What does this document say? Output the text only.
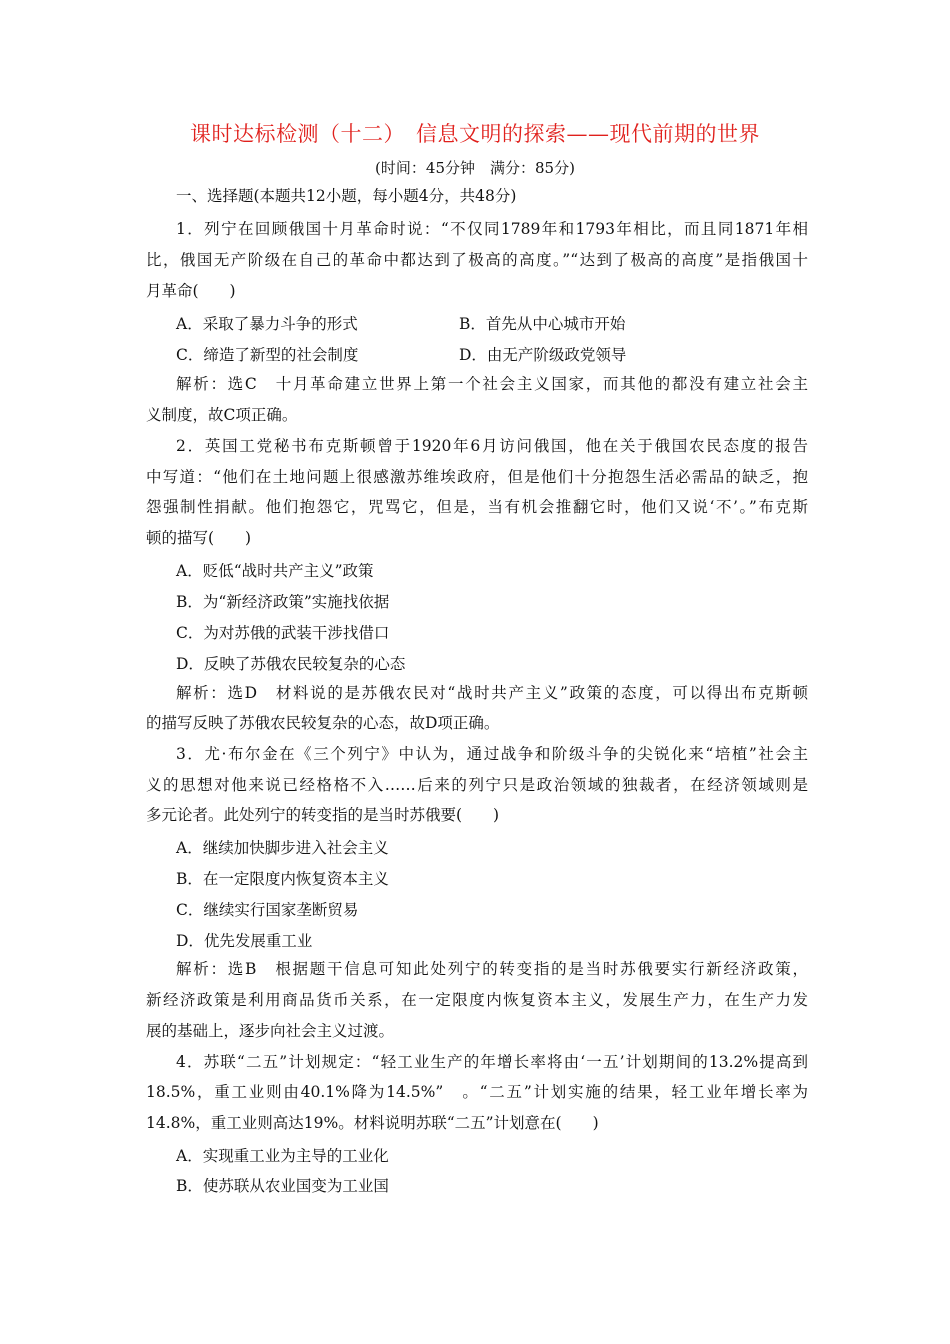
课时达标检测（十二）　信息文明的探索——现代前期的世界
(时间：45分钟　满分：85分)
一、选择题(本题共12小题，每小题4分，共48分)
1．列宁在回顾俄国十月革命时说：“不仅同1789年和1793年相比，而且同1871年相
比，俄国无产阶级在自己的革命中都达到了极高的高度。”“达到了极高的高度”是指俄国十
月革命(　　)
A．采取了暴力斗争的形式	B．首先从中心城市开始
C．缔造了新型的社会制度	D．由无产阶级政党领导
解析：选C　十月革命建立世界上第一个社会主义国家，而其他的都没有建立社会主
义制度，故C项正确。
2．英国工党秘书布克斯顿曾于1920年6月访问俄国，他在关于俄国农民态度的报告
中写道：“他们在土地问题上很感激苏维埃政府，但是他们十分抱怨生活必需品的缺乏，抱
怨强制性捐献。他们抱怨它，咒骂它，但是，当有机会推翻它时，他们又说‘不’。”布克斯
顿的描写(　　)
A．贬低“战时共产主义”政策
B．为“新经济政策”实施找依据
C．为对苏俄的武装干涉找借口
D．反映了苏俄农民较复杂的心态
解析：选D　材料说的是苏俄农民对“战时共产主义”政策的态度，可以得出布克斯顿
的描写反映了苏俄农民较复杂的心态，故D项正确。
3．尤·布尔金在《三个列宁》中认为，通过战争和阶级斗争的尖锐化来“培植”社会主
义的思想对他来说已经格格不入……后来的列宁只是政治领域的独裁者，在经济领域则是
多元论者。此处列宁的转变指的是当时苏俄要(　　)
A．继续加快脚步进入社会主义
B．在一定限度内恢复资本主义
C．继续实行国家垄断贸易
D．优先发展重工业
解析：选B　根据题干信息可知此处列宁的转变指的是当时苏俄要实行新经济政策，
新经济政策是利用商品货币关系，在一定限度内恢复资本主义，发展生产力，在生产力发
展的基础上，逐步向社会主义过渡。
4．苏联“二五”计划规定：“轻工业生产的年增长率将由‘一五’计划期间的13.2%提高到
18.5%，重工业则由40.1%降为14.5%”　。“二五”计划实施的结果，轻工业年增长率为
14.8%，重工业则高达19%。材料说明苏联“二五”计划意在(　　)
A．实现重工业为主导的工业化
B．使苏联从农业国变为工业国
